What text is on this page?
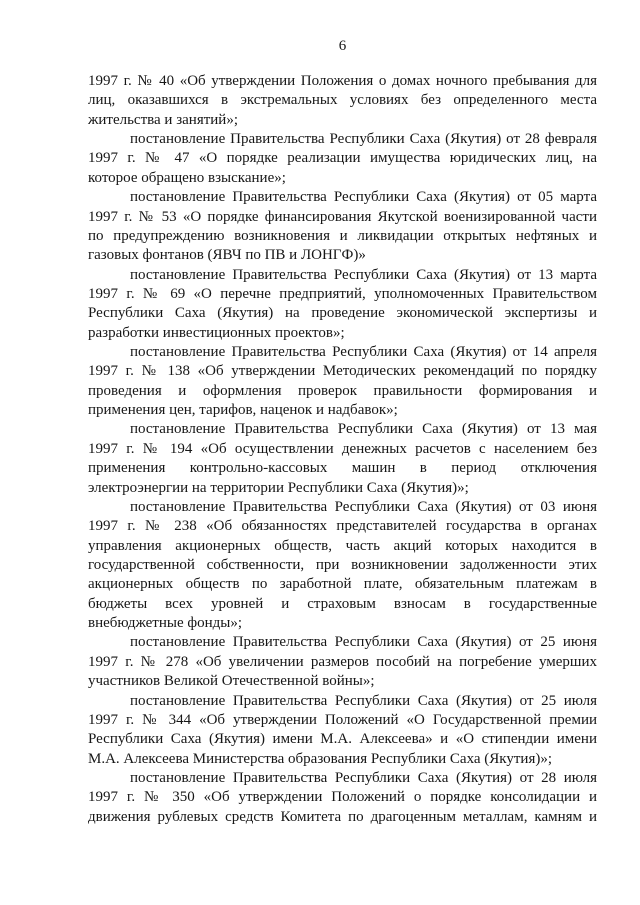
6
1997 г. № 40 «Об утверждении Положения о домах ночного пребывания для
лиц, оказавшихся в экстремальных условиях без определенного места
жительства и занятий»;
постановление Правительства Республики Саха (Якутия) от 28 февраля
1997 г. № 47 «О порядке реализации имущества юридических лиц, на
которое обращено взыскание»;
постановление Правительства Республики Саха (Якутия) от 05 марта
1997 г. № 53 «О порядке финансирования Якутской военизированной части
по предупреждению возникновения и ликвидации открытых нефтяных и
газовых фонтанов (ЯВЧ по ПВ и ЛОНГФ)»
постановление Правительства Республики Саха (Якутия) от 13 марта
1997 г. № 69 «О перечне предприятий, уполномоченных Правительством
Республики Саха (Якутия) на проведение экономической экспертизы и
разработки инвестиционных проектов»;
постановление Правительства Республики Саха (Якутия) от 14 апреля
1997 г. № 138 «Об утверждении Методических рекомендаций по порядку
проведения и оформления проверок правильности формирования и
применения цен, тарифов, наценок и надбавок»;
постановление Правительства Республики Саха (Якутия) от 13 мая
1997 г. № 194 «Об осуществлении денежных расчетов с населением без
применения контрольно-кассовых машин в период отключения
электроэнергии на территории Республики Саха (Якутия)»;
постановление Правительства Республики Саха (Якутия) от 03 июня
1997 г. № 238 «Об обязанностях представителей государства в органах
управления акционерных обществ, часть акций которых находится в
государственной собственности, при возникновении задолженности этих
акционерных обществ по заработной плате, обязательным платежам в
бюджеты всех уровней и страховым взносам в государственные
внебюджетные фонды»;
постановление Правительства Республики Саха (Якутия) от 25 июня
1997 г. № 278 «Об увеличении размеров пособий на погребение умерших
участников Великой Отечественной войны»;
постановление Правительства Республики Саха (Якутия) от 25 июля
1997 г. № 344 «Об утверждении Положений «О Государственной премии
Республики Саха (Якутия) имени М.А. Алексеева» и «О стипендии имени
М.А. Алексеева Министерства образования Республики Саха (Якутия)»;
постановление Правительства Республики Саха (Якутия) от 28 июля
1997 г. № 350 «Об утверждении Положений о порядке консолидации и
движения рублевых средств Комитета по драгоценным металлам, камням и
